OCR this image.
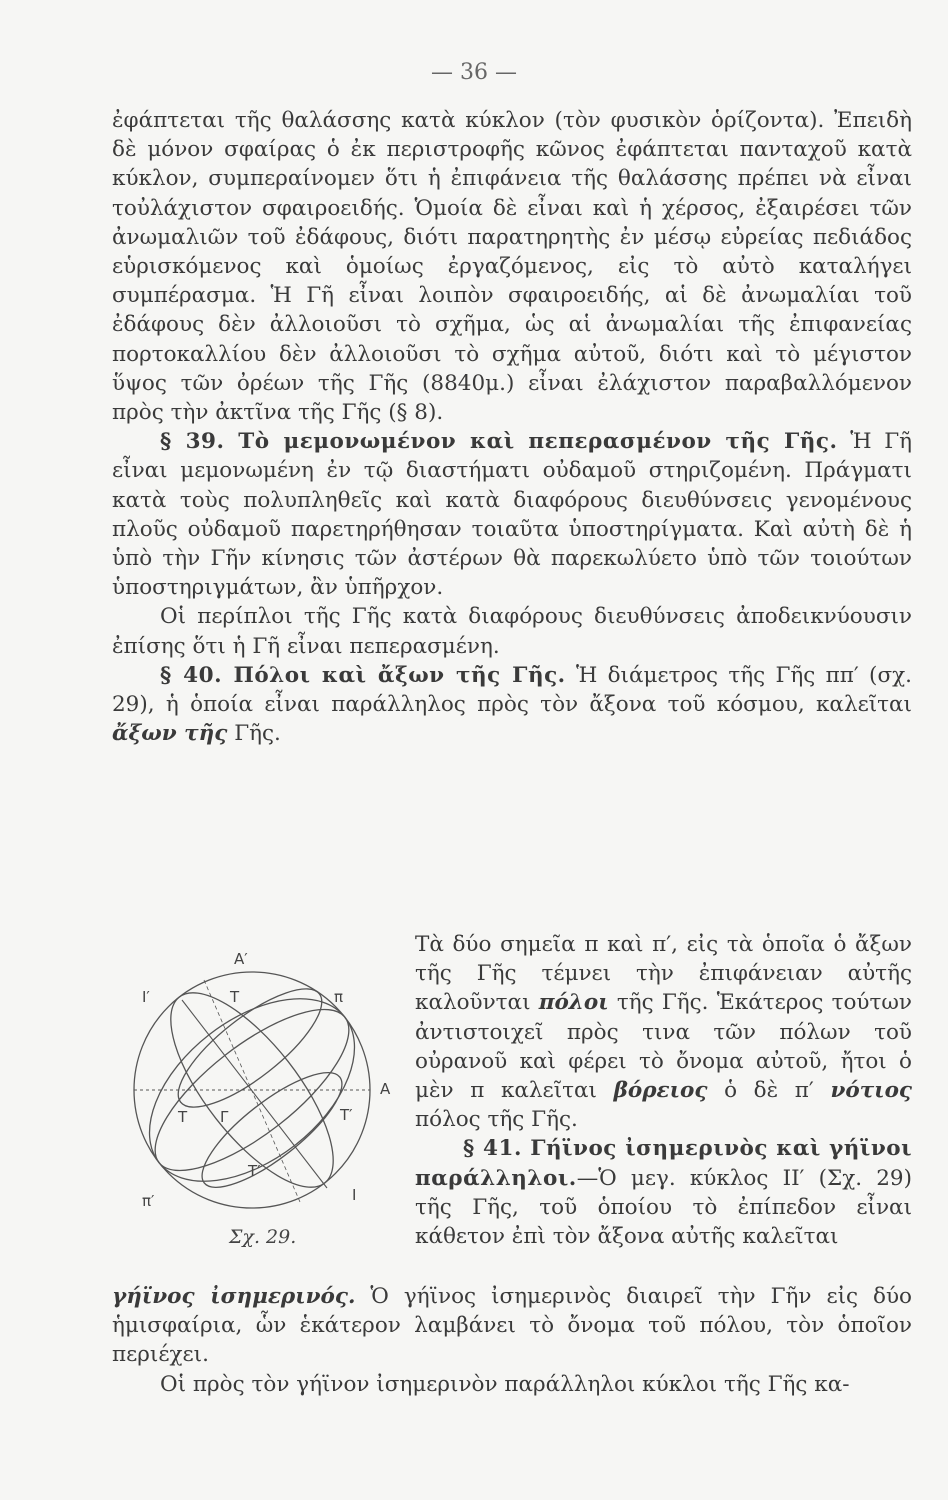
— 36 —

ἐφάπτεται τῆς θαλάσσης κατὰ κύκλον (τὸν φυσικὸν ὁρίζοντα). Ἐπειδὴ δὲ μόνον σφαίρας ὁ ἐκ περιστροφῆς κῶνος ἐφάπτεται πανταχοῦ κατὰ κύκλον, συμπεραίνομεν ὅτι ἡ ἐπιφάνεια τῆς θαλάσσης πρέπει νὰ εἶναι τοὐλάχιστον σφαιροειδής. Ὁμοία δὲ εἶναι καὶ ἡ χέρσος, ἐξαιρέσει τῶν ἀνωμαλιῶν τοῦ ἐδάφους, διότι παρατηρητὴς ἐν μέσῳ εὐρείας πεδιάδος εὑρισκόμενος καὶ ὁμοίως ἐργαζόμενος, εἰς τὸ αὐτὸ καταλήγει συμπέρασμα. Ἡ Γῆ εἶναι λοιπὸν σφαιροειδής, αἱ δὲ ἀνωμαλίαι τοῦ ἐδάφους δὲν ἀλλοιοῦσι τὸ σχῆμα, ὡς αἱ ἀνωμαλίαι τῆς ἐπιφανείας πορτοκαλλίου δὲν ἀλλοιοῦσι τὸ σχῆμα αὐτοῦ, διότι καὶ τὸ μέγιστον ὕψος τῶν ὀρέων τῆς Γῆς (8840μ.) εἶναι ἐλάχιστον παραβαλλόμενον πρὸς τὴν ἀκτῖνα τῆς Γῆς (§ 8).

§ 39. Τὸ μεμονωμένον καὶ πεπερασμένον τῆς Γῆς. Ἡ Γῆ εἶναι μεμονωμένη ἐν τῷ διαστήματι οὐδαμοῦ στηριζομένη. Πράγματι κατὰ τοὺς πολυπληθεῖς καὶ κατὰ διαφόρους διευθύνσεις γενομένους πλοῦς οὐδαμοῦ παρετηρήθησαν τοιαῦτα ὑποστηρίγματα. Καὶ αὐτὴ δὲ ἡ ὑπὸ τὴν Γῆν κίνησις τῶν ἀστέρων θὰ παρεκωλύετο ὑπὸ τῶν τοιούτων ὑποστηριγμάτων, ἂν ὑπῆρχον.

Οἱ περίπλοι τῆς Γῆς κατὰ διαφόρους διευθύνσεις ἀποδεικνύουσιν ἐπίσης ὅτι ἡ Γῆ εἶναι πεπερασμένη.

§ 40. Πόλοι καὶ ἄξων τῆς Γῆς. Ἡ διάμετρος τῆς Γῆς ππ′ (σχ. 29), ἡ ὁποία εἶναι παράλληλος πρὸς τὸν ἄξονα τοῦ κόσμου, καλεῖται ἄξων τῆς Γῆς.

A′
I′	T	π
T Γ	T′
A
T′
π′	I
Σχ. 29.

Τὰ δύο σημεῖα π καὶ π′, εἰς τὰ ὁποῖα ὁ ἄξων τῆς Γῆς τέμνει τὴν ἐπιφάνειαν αὐτῆς καλοῦνται πόλοι τῆς Γῆς. Ἑκάτερος τούτων ἀντιστοιχεῖ πρὸς τινα τῶν πόλων τοῦ οὐρανοῦ καὶ φέρει τὸ ὄνομα αὐτοῦ, ἤτοι ὁ μὲν π καλεῖται βόρειος ὁ δὲ π′ νότιος πόλος τῆς Γῆς.

§ 41. Γήϊνος ἰσημερινὸς καὶ γήϊνοι παράλληλοι.—Ὁ μεγ. κύκλος ΙΙ′ (Σχ. 29) τῆς Γῆς, τοῦ ὁποίου τὸ ἐπίπεδον εἶναι κάθετον ἐπὶ τὸν ἄξονα αὐτῆς καλεῖται

γήϊνος ἰσημερινός. Ὁ γήϊνος ἰσημερινὸς διαιρεῖ τὴν Γῆν εἰς δύο ἡμισφαίρια, ὧν ἑκάτερον λαμβάνει τὸ ὄνομα τοῦ πόλου, τὸν ὁποῖον περιέχει.

Οἱ πρὸς τὸν γήϊνον ἰσημερινὸν παράλληλοι κύκλοι τῆς Γῆς κα-
